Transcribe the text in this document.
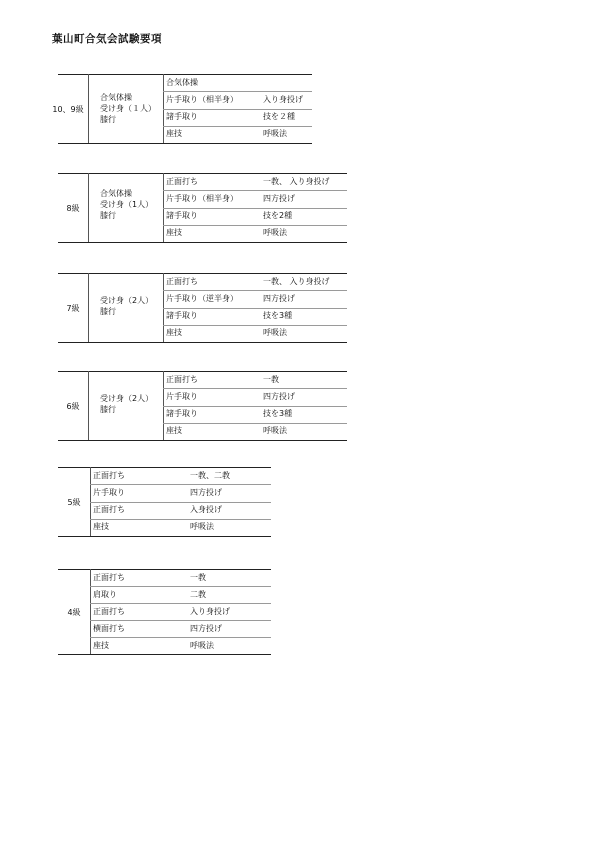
葉山町合気会試験要項
10、9級
合気体操
受け身（１人）
膝行
合気体操
片手取り（相半身）	入り身投げ
諸手取り	技を２種
座技	呼吸法
8級
合気体操
受け身（1人）
膝行
正面打ち	一教、 入り身投げ
片手取り（相半身）	四方投げ
諸手取り	技を2種
座技	呼吸法
7級
受け身（2人）
膝行
正面打ち	一教、 入り身投げ
片手取り（逆半身）	四方投げ
諸手取り	技を3種
座技	呼吸法
6級
受け身（2人）
膝行
正面打ち	一教
片手取り	四方投げ
諸手取り	技を3種
座技	呼吸法
5級
正面打ち	一教、二教
片手取り	四方投げ
正面打ち	入身投げ
座技	呼吸法
4級
正面打ち	一教
肩取り	二教
正面打ち	入り身投げ
横面打ち	四方投げ
座技	呼吸法
